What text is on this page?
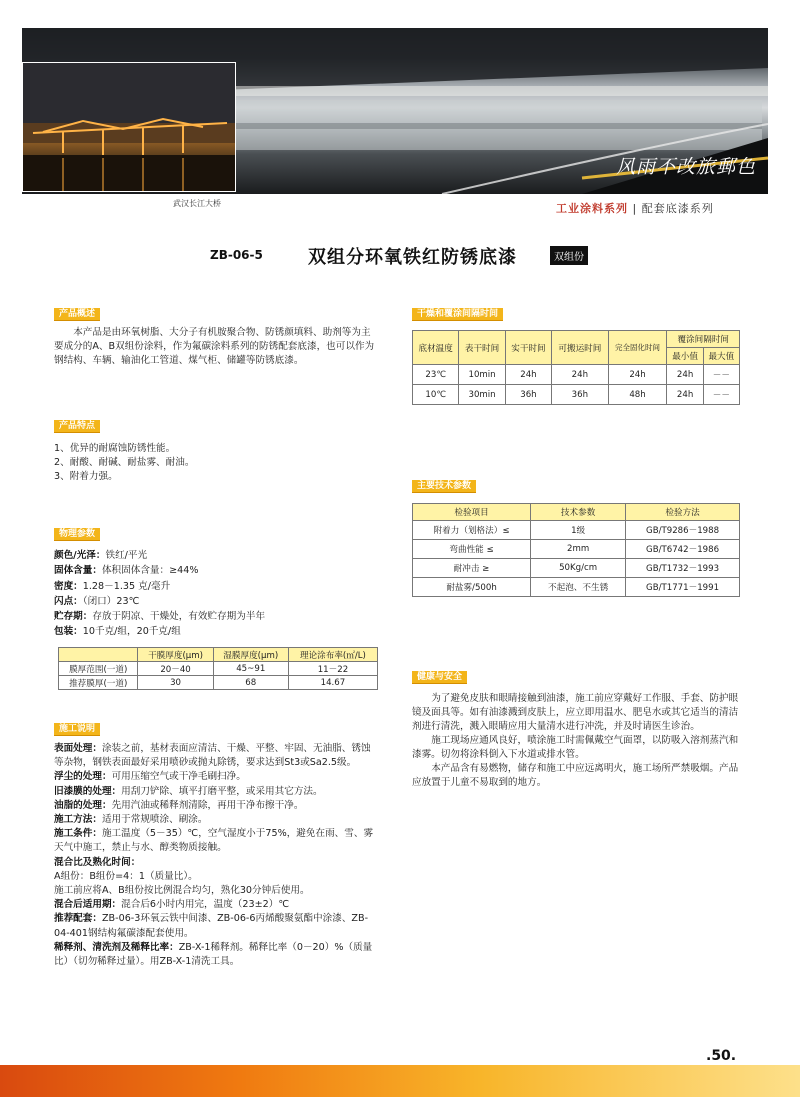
风雨不改旅郵色
武汉长江大桥	工业涂料系列 | 配套底漆系列
ZB-06-5	双组分环氧铁红防锈底漆	双组份
产品概述
本产品是由环氧树脂、大分子有机胺聚合物、防锈颜填料、助剂等为主要成分的A、B双组份涂料，作为氟碳涂料系列的防锈配套底漆，也可以作为钢结构、车辆、输油化工管道、煤气柜、储罐等防锈底漆。
产品特点

1、优异的耐腐蚀防锈性能。

2、耐酸、耐碱、耐盐雾、耐油。

3、附着力强。

物理参数

颜色/光泽：铁红/平光

固体含量：体积固体含量：≥44%

密度：1.28－1.35 克/毫升

闪点：（闭口）23℃

贮存期：存放于阴凉、干燥处，有效贮存期为半年

包装：10千克/组，20千克/组

	干膜厚度(μm)	湿膜厚度(μm)	理论涂布率(㎡/L)
膜厚范围(一道)	20－40	45~91	11－22
推荐膜厚(一道)	30	68	14.67
施工说明

表面处理：涂装之前，基材表面应清洁、干燥、平整、牢固、无油脂、锈蚀等杂物，钢铁表面最好采用喷砂或抛丸除锈，要求达到St3或Sa2.5级。

浮尘的处理：可用压缩空气或干净毛刷扫净。

旧漆膜的处理：用刮刀铲除、填平打磨平整，或采用其它方法。

油脂的处理：先用汽油或稀释剂清除，再用干净布擦干净。

施工方法：适用于常规喷涂、刷涂。

施工条件：施工温度（5－35）℃，空气湿度小于75%，避免在雨、雪、雾天气中施工，禁止与水、醇类物质接触。

混合比及熟化时间：

A组份：B组份=4：1（质量比）。

施工前应将A、B组份按比例混合均匀，熟化30分钟后使用。

混合后适用期：混合后6小时内用完，温度（23±2）℃

推荐配套：ZB-06-3环氧云铁中间漆、ZB-06-6丙烯酸聚氨酯中涂漆、ZB-04-401钢结构氟碳漆配套使用。

稀释剂、清洗剂及稀释比率：ZB-X-1稀释剂。稀释比率（0－20）%（质量比）（切勿稀释过量）。用ZB-X-1清洗工具。

干燥和覆涂间隔时间
底材温度	表干时间	实干时间	可搬运时间	完全固化时间	覆涂间隔时间	
					最小值	最大值
23℃	10min	24h	24h	24h	24h	－－
10℃	30min	36h	36h	48h	24h	－－
主要技术参数
检验项目	技术参数	检验方法
附着力（划格法）≤	1级	GB/T9286－1988
弯曲性能 ≤	2mm	GB/T6742－1986
耐冲击 ≥	50Kg/cm	GB/T1732－1993
耐盐雾/500h	不起泡、不生锈	GB/T1771－1991
健康与安全

为了避免皮肤和眼睛接触到油漆，施工前应穿戴好工作服、手套、防护眼镜及面具等。如有油漆溅到皮肤上，应立即用温水、肥皂水或其它适当的清洁剂进行清洗，溅入眼睛应用大量清水进行冲洗，并及时请医生诊治。

施工现场应通风良好，喷涂施工时需佩戴空气面罩，以防吸入溶剂蒸汽和漆雾。切勿将涂料倒入下水道或排水管。

本产品含有易燃物，储存和施工中应远离明火，施工场所严禁吸烟。产品应放置于儿童不易取到的地方。

.50.
